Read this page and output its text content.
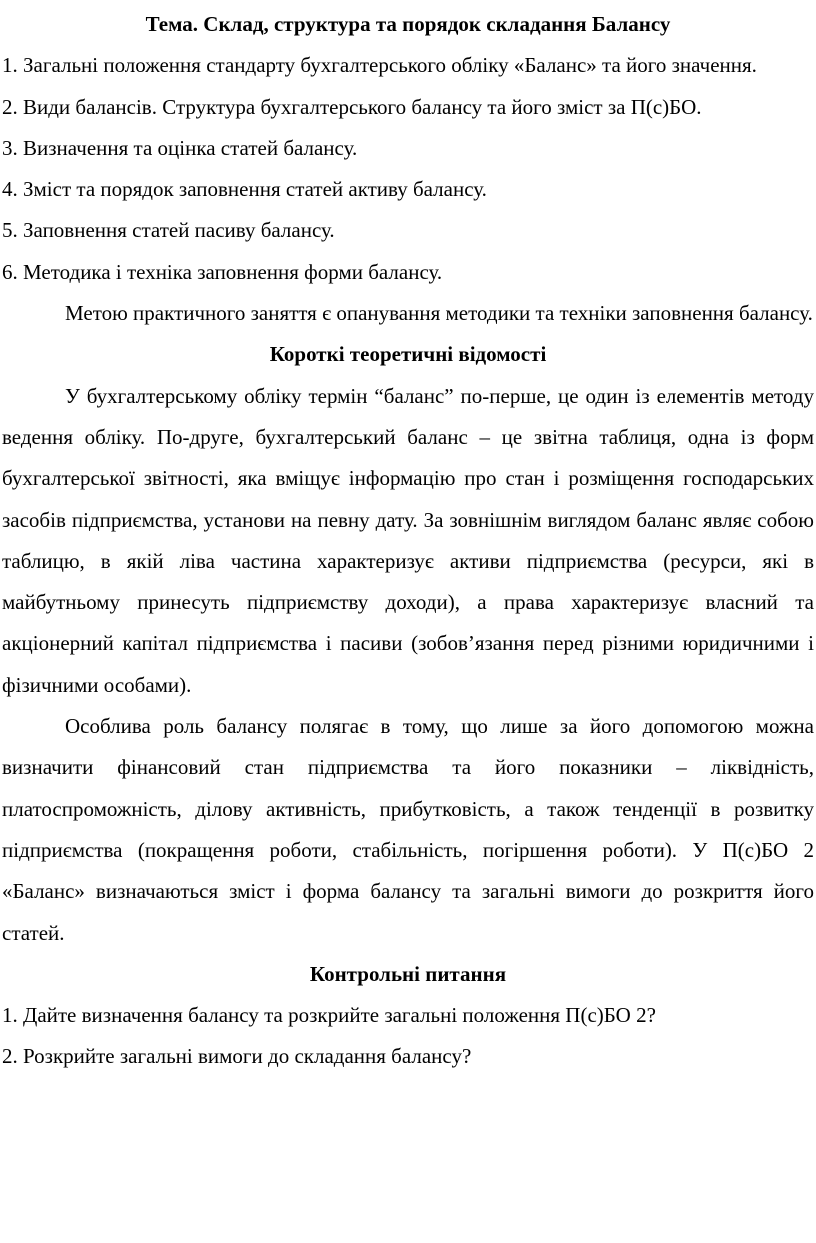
Тема. Склад, структура та порядок складання Балансу

1. Загальні положення стандарту бухгалтерського обліку «Баланс» та його значення.

2. Види балансів. Структура бухгалтерського балансу та його зміст за П(с)БО.

3. Визначення та оцінка статей балансу.

4. Зміст та порядок заповнення статей активу балансу.

5. Заповнення статей пасиву балансу.

6. Методика і техніка заповнення форми балансу.

Метою практичного заняття є опанування методики та техніки заповнення балансу.

Короткі теоретичні відомості

У бухгалтерському обліку термін “баланс” по-перше, це один із елементів методу ведення обліку. По-друге, бухгалтерський баланс – це звітна таблиця, одна із форм бухгалтерської звітності, яка вміщує інформацію про стан і розміщення господарських засобів підприємства, установи на певну дату. За зовнішнім виглядом баланс являє собою таблицю, в якій ліва частина характеризує активи підприємства (ресурси, які в майбутньому принесуть підприємству доходи), а права характеризує власний та акціонерний капітал підприємства і пасиви (зобов’язання перед різними юридичними і фізичними особами).

Особлива роль балансу полягає в тому, що лише за його допомогою можна визначити фінансовий стан підприємства та його показники – ліквідність, платоспроможність, ділову активність, прибутковість, а також тенденції в розвитку підприємства (покращення роботи, стабільність, погіршення роботи). У П(с)БО 2 «Баланс» визначаються зміст і форма балансу та загальні вимоги до розкриття його статей.

Контрольні питання

1. Дайте визначення балансу та розкрийте загальні положення П(с)БО 2?

2. Розкрийте загальні вимоги до складання балансу?
